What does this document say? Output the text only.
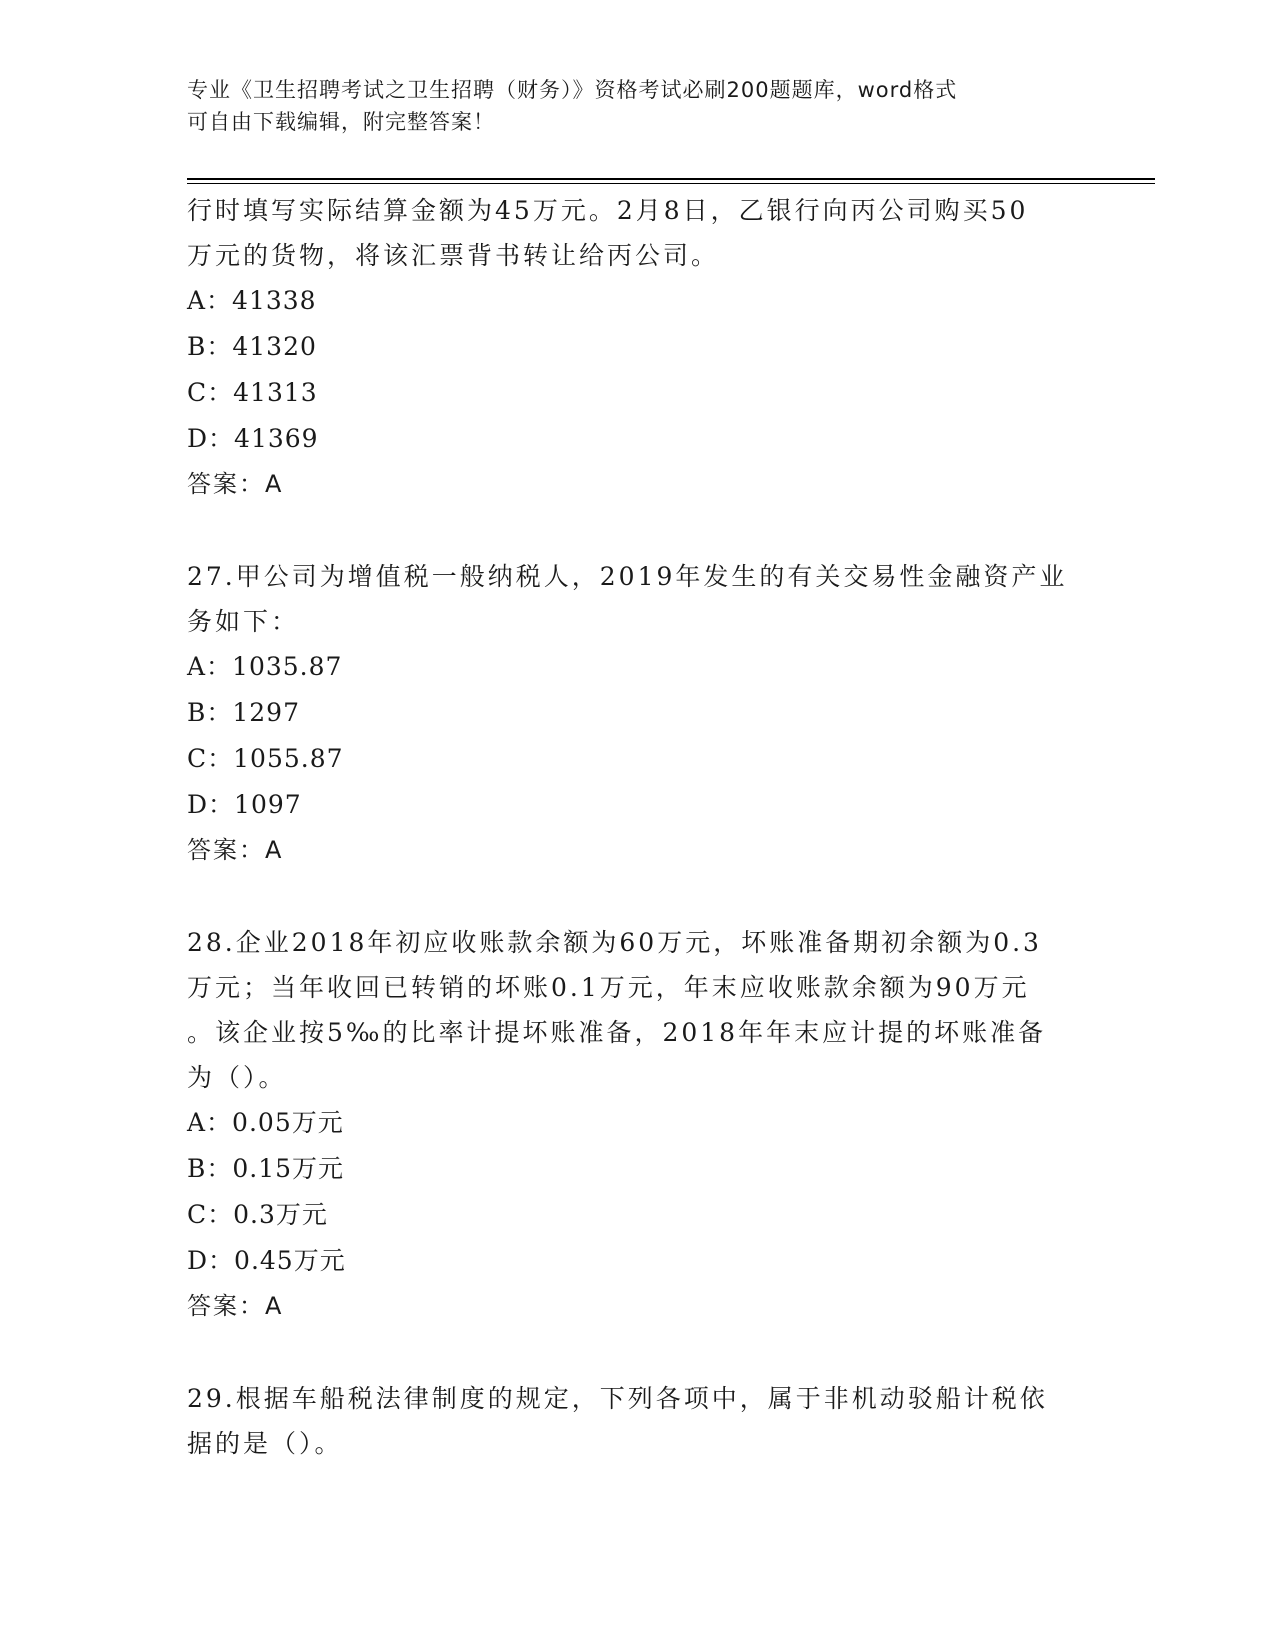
专业《卫生招聘考试之卫生招聘（财务）》资格考试必刷200题题库，word格式
可自由下载编辑，附完整答案！

行时填写实际结算金额为45万元。2月8日，乙银行向丙公司购买50
万元的货物，将该汇票背书转让给丙公司。

A：41338
B：41320
C：41313
D：41369
答案：A

27.甲公司为增值税一般纳税人，2019年发生的有关交易性金融资产业
务如下：

A：1035.87
B：1297
C：1055.87
D：1097
答案：A

28.企业2018年初应收账款余额为60万元，坏账准备期初余额为0.3
万元；当年收回已转销的坏账0.1万元，年末应收账款余额为90万元
。该企业按5‰的比率计提坏账准备，2018年年末应计提的坏账准备
为（）。

A：0.05万元
B：0.15万元
C：0.3万元
D：0.45万元
答案：A

29.根据车船税法律制度的规定，下列各项中，属于非机动驳船计税依
据的是（）。
